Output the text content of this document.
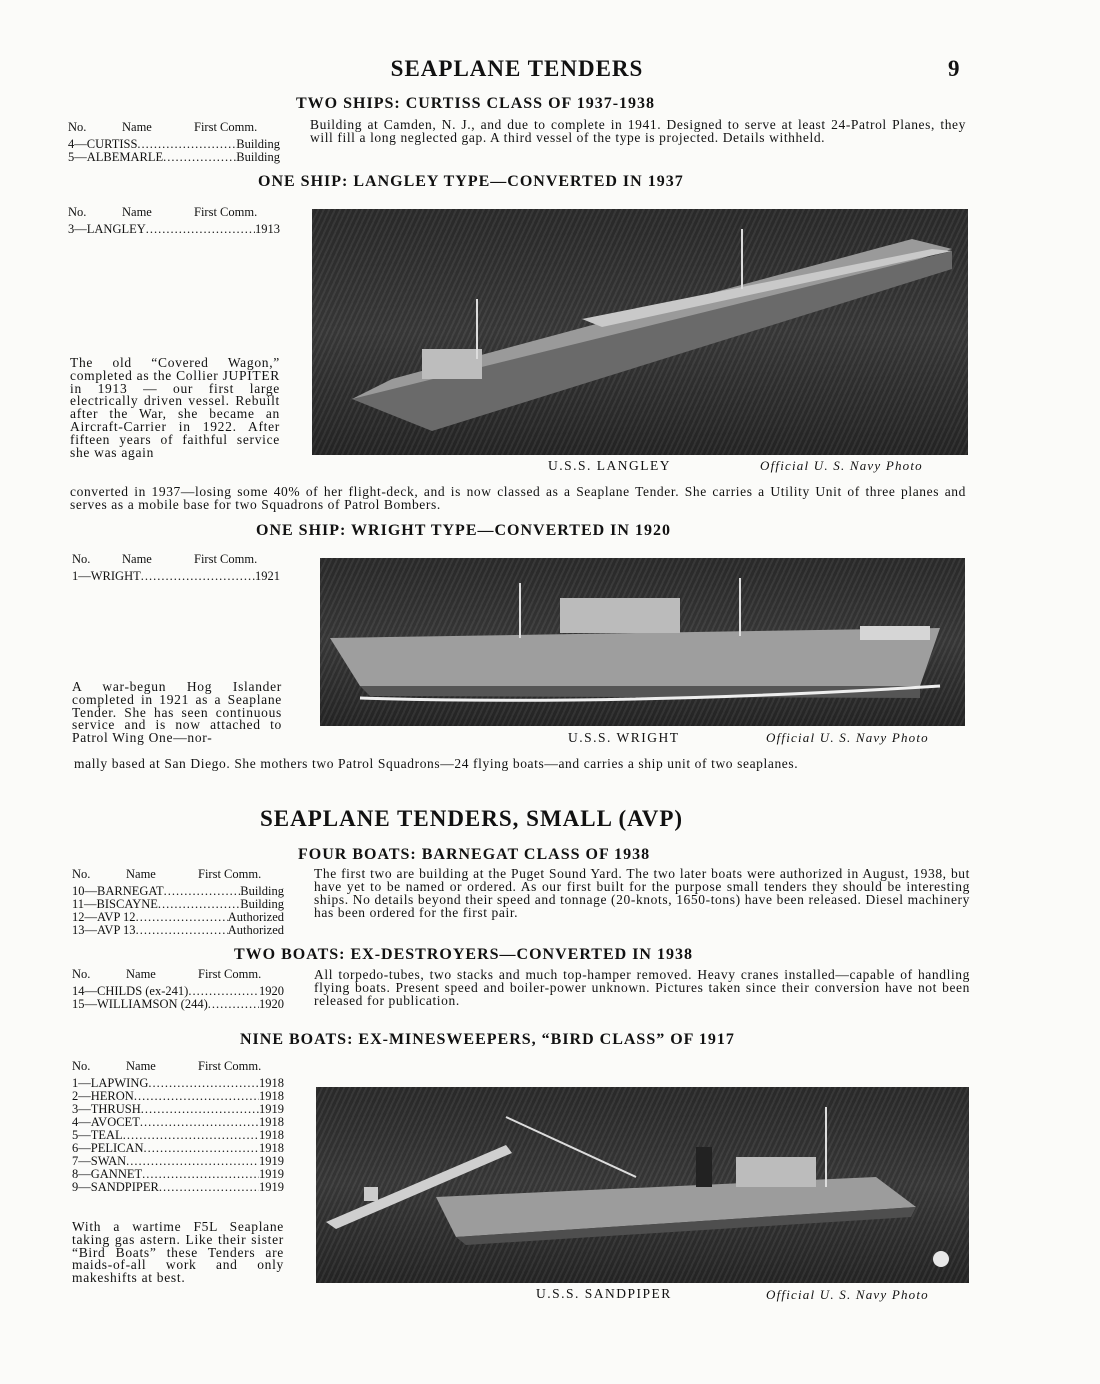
SEAPLANE TENDERS	9
TWO SHIPS: CURTISS CLASS OF 1937-1938
No.	Name	First Comm.
4—CURTISS .....	Building
5—ALBEMARLE .....	Building
Building at Camden, N. J., and due to complete in 1941. Designed to serve at least 24-Patrol Planes, they will fill a long neglected gap. A third vessel of the type is projected. Details withheld.
ONE SHIP: LANGLEY TYPE—CONVERTED IN 1937
No.	Name	First Comm.
3—LANGLEY .....	1913
The old “Covered Wagon,” completed as the Collier JUPITER in 1913 — our first large electrically driven vessel. Rebuilt after the War, she became an Aircraft-Carrier in 1922. After fifteen years of faithful service she was again
U.S.S. LANGLEY	Official U. S. Navy Photo
converted in 1937—losing some 40% of her flight-deck, and is now classed as a Seaplane Tender. She carries a Utility Unit of three planes and serves as a mobile base for two Squadrons of Patrol Bombers.
ONE SHIP: WRIGHT TYPE—CONVERTED IN 1920
No.	Name	First Comm.
1—WRIGHT .....	1921
A war-begun Hog Islander completed in 1921 as a Seaplane Tender. She has seen continuous service and is now attached to Patrol Wing One—nor-	U.S.S. WRIGHT	Official U. S. Navy Photo
mally based at San Diego. She mothers two Patrol Squadrons—24 flying boats—and carries a ship unit of two seaplanes.
SEAPLANE TENDERS, SMALL (AVP)
FOUR BOATS: BARNEGAT CLASS OF 1938
No.	Name	First Comm.
10—BARNEGAT .....	Building
11—BISCAYNE .....	Building
12—AVP 12 .....	Authorized
13—AVP 13 .....	Authorized
The first two are building at the Puget Sound Yard. The two later boats were authorized in August, 1938, but have yet to be named or ordered. As our first built for the purpose small tenders they should be interesting ships. No details beyond their speed and tonnage (20-knots, 1650-tons) have been released. Diesel machinery has been ordered for the first pair.
TWO BOATS: EX-DESTROYERS—CONVERTED IN 1938
No.	Name	First Comm.
14—CHILDS (ex-241) .....	1920
15—WILLIAMSON (244) .....	1920
All torpedo-tubes, two stacks and much top-hamper removed. Heavy cranes installed—capable of handling flying boats. Present speed and boiler-power unknown. Pictures taken since their conversion have not been released for publication.
NINE BOATS: EX-MINESWEEPERS, “BIRD CLASS” OF 1917
No.	Name	First Comm.
1—LAPWING .....	1918
2—HERON .....	1918
3—THRUSH .....	1919
4—AVOCET .....	1918
5—TEAL .....	1918
6—PELICAN .....	1918
7—SWAN .....	1919
8—GANNET .....	1919
9—SANDPIPER .....	1919
With a wartime F5L Seaplane taking gas astern. Like their sister “Bird Boats” these Tenders are maids-of-all work and only makeshifts at best.
U.S.S. SANDPIPER	Official U. S. Navy Photo
